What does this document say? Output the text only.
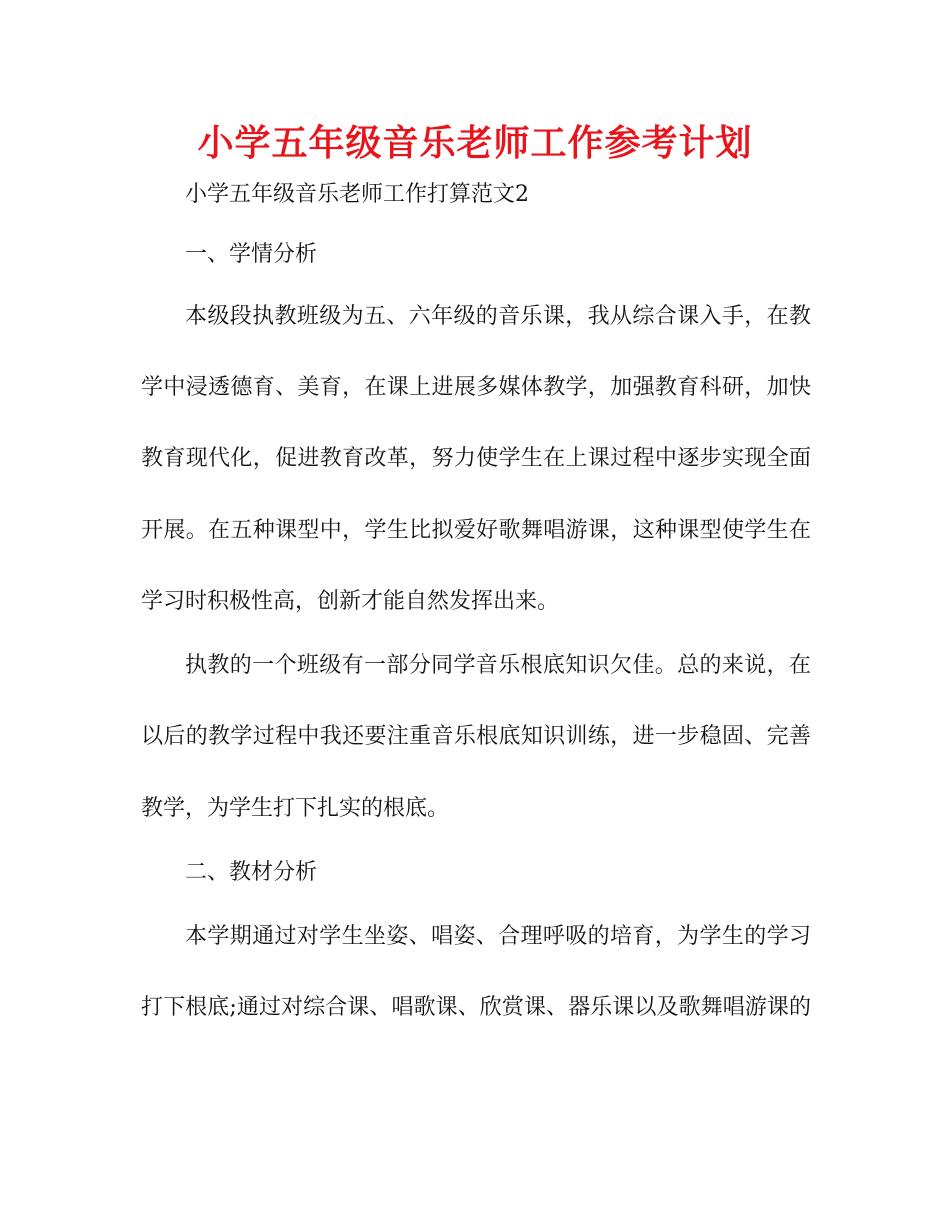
小学五年级音乐老师工作参考计划

小学五年级音乐老师工作打算范文2

一、学情分析

本级段执教班级为五、六年级的音乐课，我从综合课入手，在教

学中浸透德育、美育，在课上进展多媒体教学，加强教育科研，加快

教育现代化，促进教育改革，努力使学生在上课过程中逐步实现全面

开展。在五种课型中，学生比拟爱好歌舞唱游课，这种课型使学生在

学习时积极性高，创新才能自然发挥出来。

执教的一个班级有一部分同学音乐根底知识欠佳。总的来说，在

以后的教学过程中我还要注重音乐根底知识训练，进一步稳固、完善

教学，为学生打下扎实的根底。

二、教材分析

本学期通过对学生坐姿、唱姿、合理呼吸的培育，为学生的学习

打下根底;通过对综合课、唱歌课、欣赏课、器乐课以及歌舞唱游课的
